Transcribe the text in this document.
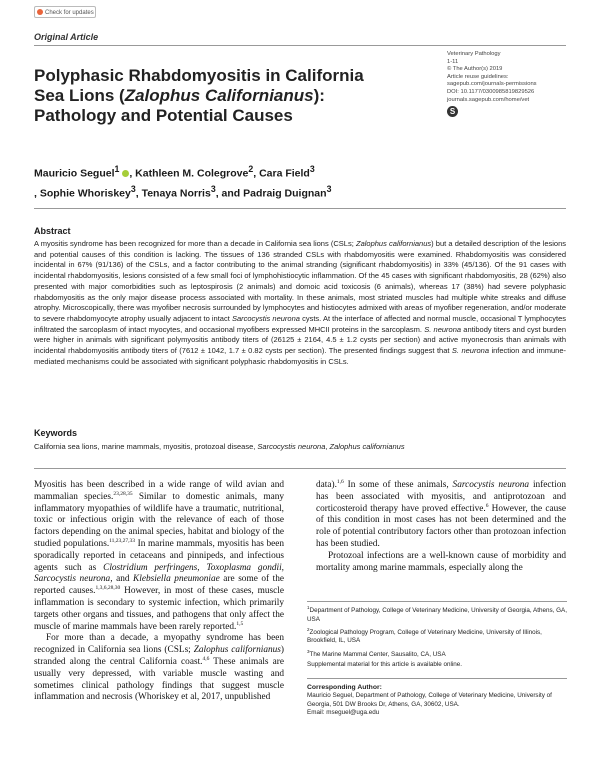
Check for updates
Original Article
Polyphasic Rhabdomyositis in California Sea Lions (Zalophus Californianus): Pathology and Potential Causes
Veterinary Pathology
1-11
© The Author(s) 2019
Article reuse guidelines:
sagepub.com/journals-permissions
DOI: 10.1177/0300985819829526
journals.sagepub.com/home/vet
S
Mauricio Seguel$^1$ , Kathleen M. Colegrove$^2$, Cara Field$^3$
, Sophie Whoriskey$^3$, Tenaya Norris$^3$, and Padraig Duignan$^3$
Abstract

A myositis syndrome has been recognized for more than a decade in California sea lions (CSLs; Zalophus californianus) but a detailed description of the lesions and potential causes of this condition is lacking. The tissues of 136 stranded CSLs with rhabdomyositis were examined. Rhabdomyositis was considered incidental in 67% (91/136) of the CSLs, and a factor contributing to the animal stranding (significant rhabdomyositis) in 33% (45/136). Of the 91 cases with incidental rhabdomyositis, lesions consisted of a few small foci of lymphohistiocytic inflammation. Of the 45 cases with significant rhabdomyositis, 28 (62%) also presented with major comorbidities such as leptospirosis (2 animals) and domoic acid toxicosis (6 animals), whereas 17 (38%) had severe polyphasic rhabdomyositis as the only major disease process associated with mortality. In these animals, most striated muscles had multiple white streaks and diffuse atrophy. Microscopically, there was myofiber necrosis surrounded by lymphocytes and histiocytes admixed with areas of myofiber regeneration, and/or moderate to severe rhabdomyocyte atrophy usually adjacent to intact Sarcocystis neurona cysts. At the interface of affected and normal muscle, occasional T lymphocytes infiltrated the sarcoplasm of intact myocytes, and occasional myofibers expressed MHCII proteins in the sarcoplasm. S. neurona antibody titers and cyst burden were higher in animals with significant polymyositis antibody titers of (26125 ± 2164, 4.5 ± 1.2 cysts per section) and active myonecrosis than animals with incidental rhabdomyositis antibody titers of (7612 ± 1042, 1.7 ± 0.82 cysts per section). The presented findings suggest that S. neurona infection and immune-mediated mechanisms could be associated with significant polyphasic rhabdomyositis in CSLs.

Keywords
California sea lions, marine mammals, myositis, protozoal disease, Sarcocystis neurona, Zalophus californianus

Myositis has been described in a wide range of wild avian and mammalian species.$^{23,28,35}$ Similar to domestic animals, many inflammatory myopathies of wildlife have a traumatic, nutritional, toxic or infectious origin with the relevance of each of those factors depending on the animal species, habitat and biology of the studied populations.$^{11,23,27,33}$ In marine mammals, myositis has been sporadically reported in cetaceans and pinnipeds, and infectious agents such as Clostridium perfringens, Toxoplasma gondii, Sarcocystis neurona, and Klebsiella pneumoniae are some of the reported causes.$^{1,3,6,28,30}$ However, in most of these cases, muscle inflammation is secondary to systemic infection, which primarily targets other organs and tissues, and pathogens that only affect the muscle of marine mammals have been rarely reported.$^{1,5}$

For more than a decade, a myopathy syndrome has been recognized in California sea lions (CSLs; Zalophus californianus) stranded along the central California coast.$^{4,6}$ These animals are usually very depressed, with variable muscle wasting and sometimes clinical pathology findings that suggest muscle inflammation and necrosis (Whoriskey et al, 2017, unpublished

data).$^{1,6}$ In some of these animals, Sarcocystis neurona infection has been associated with myositis, and antiprotozoan and corticosteroid therapy have proved effective.$^6$ However, the cause of this condition in most cases has not been determined and the role of potential contributory factors other than protozoan infection has been studied.

Protozoal infections are a well-known cause of morbidity and mortality among marine mammals, especially along the

$^1$Department of Pathology, College of Veterinary Medicine, University of Georgia, Athens, GA, USA

$^2$Zoological Pathology Program, College of Veterinary Medicine, University of Illinois, Brookfield, IL, USA

$^3$The Marine Mammal Center, Sausalito, CA, USA

Supplemental material for this article is available online.

Corresponding Author:
Mauricio Seguel, Department of Pathology, College of Veterinary Medicine, University of Georgia, 501 DW Brooks Dr, Athens, GA, 30602, USA.
Email: mseguel@uga.edu
